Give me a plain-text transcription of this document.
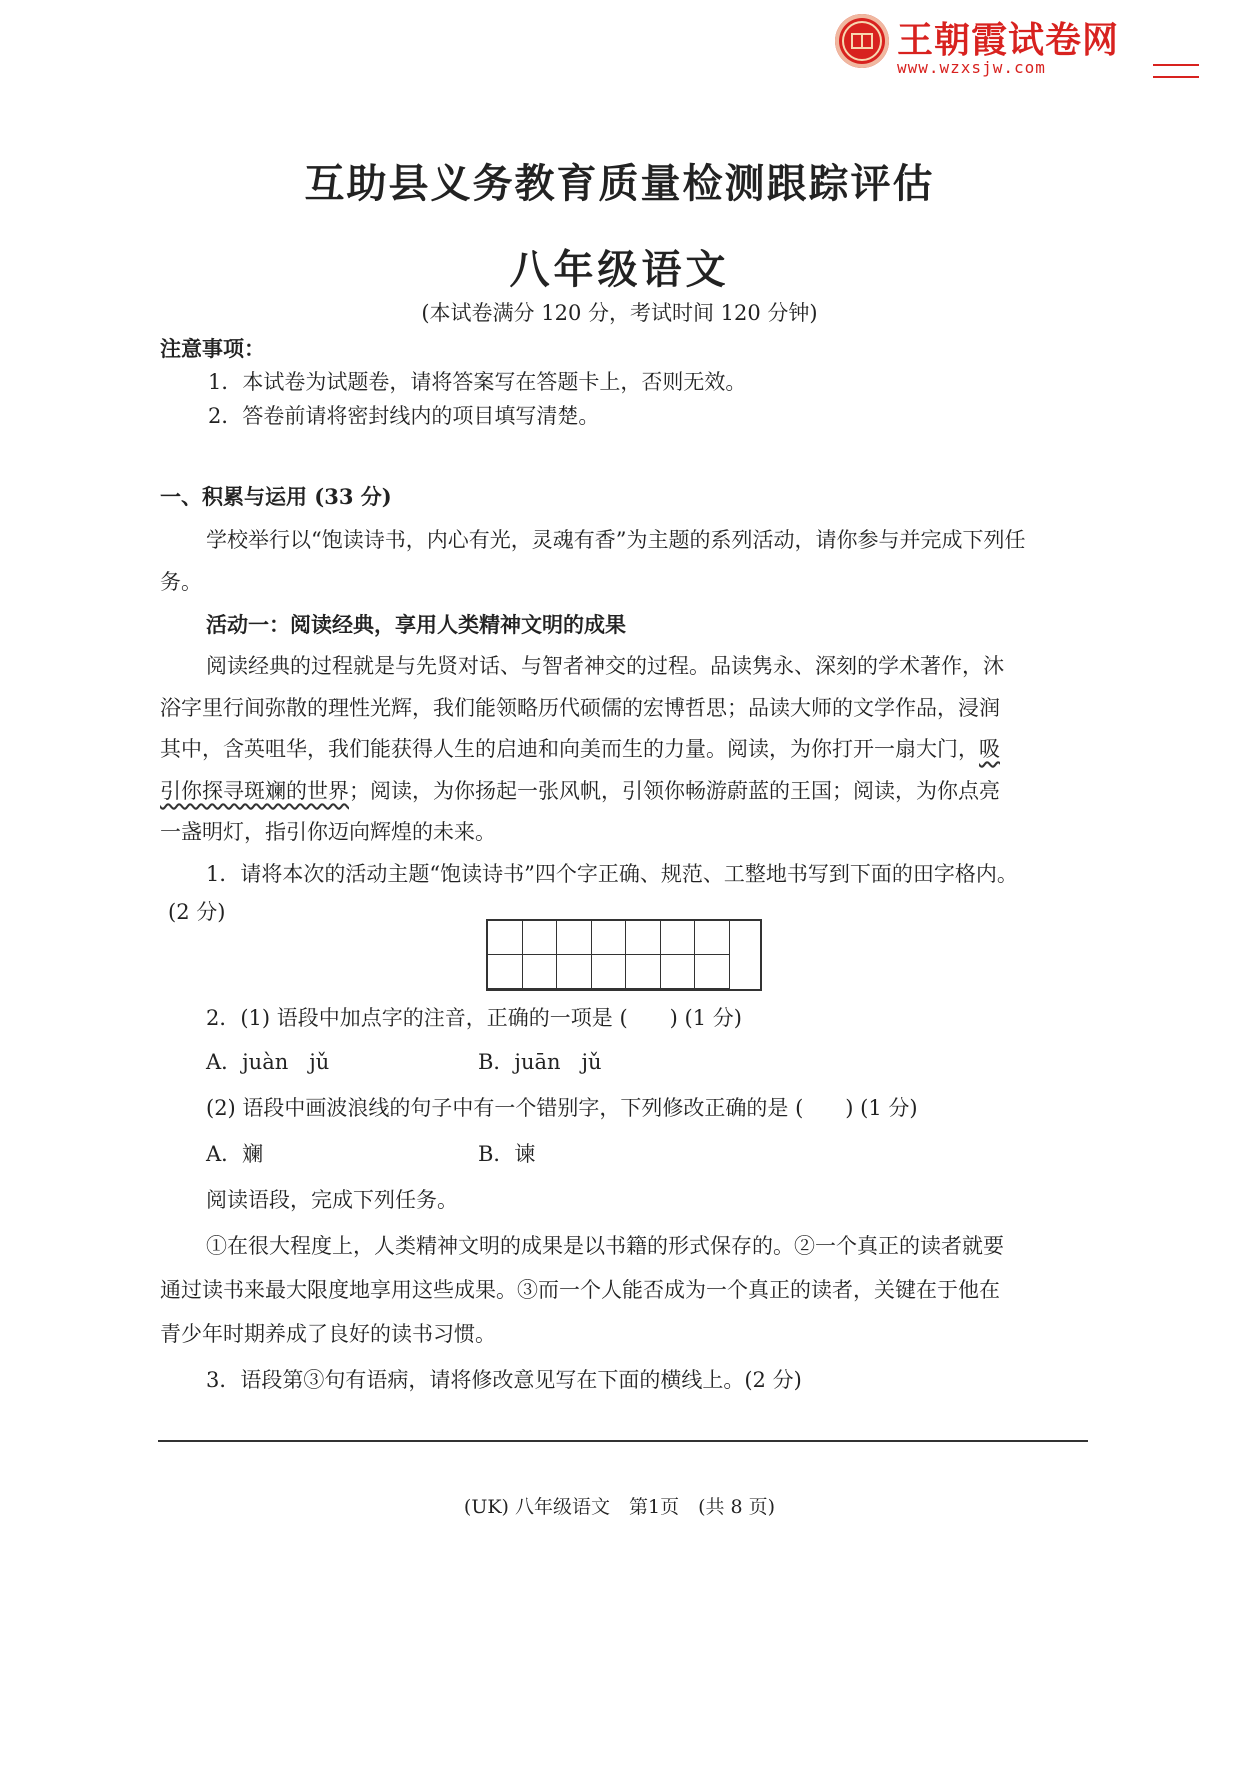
王朝霞试卷网
www.wzxsjw.com
互助县义务教育质量检测跟踪评估
八年级语文
(本试卷满分 120 分，考试时间 120 分钟)
注意事项：
1．本试卷为试题卷，请将答案写在答题卡上，否则无效。
2．答卷前请将密封线内的项目填写清楚。
一、积累与运用 (33 分)
学校举行以“饱读诗书，内心有光，灵魂有香”为主题的系列活动，请你参与并完成下列任
务。
活动一：阅读经典，享用人类精神文明的成果
阅读经典的过程就是与先贤对话、与智者神交的过程。品读隽永、深刻的学术著作，沐
浴字里行间弥散的理性光辉，我们能领略历代硕儒的宏博哲思；品读大师的文学作品，浸润
其中，含英咀华，我们能获得人生的启迪和向美而生的力量。阅读，为你打开一扇大门，吸
引你探寻斑斓的世界；阅读，为你扬起一张风帆，引领你畅游蔚蓝的王国；阅读，为你点亮
一盏明灯，指引你迈向辉煌的未来。
1．请将本次的活动主题“饱读诗书”四个字正确、规范、工整地书写到下面的田字格内。
(2 分)
2．(1) 语段中加点字的注音，正确的一项是 (　　) (1 分)
A．juàn　jǔ	B．juān　jǔ
(2) 语段中画波浪线的句子中有一个错别字，下列修改正确的是 (　　) (1 分)
A．斓	B．谏
阅读语段，完成下列任务。
①在很大程度上，人类精神文明的成果是以书籍的形式保存的。②一个真正的读者就要
通过读书来最大限度地享用这些成果。③而一个人能否成为一个真正的读者，关键在于他在
青少年时期养成了良好的读书习惯。
3．语段第③句有语病，请将修改意见写在下面的横线上。(2 分)
(UK) 八年级语文　第1页　(共 8 页)
